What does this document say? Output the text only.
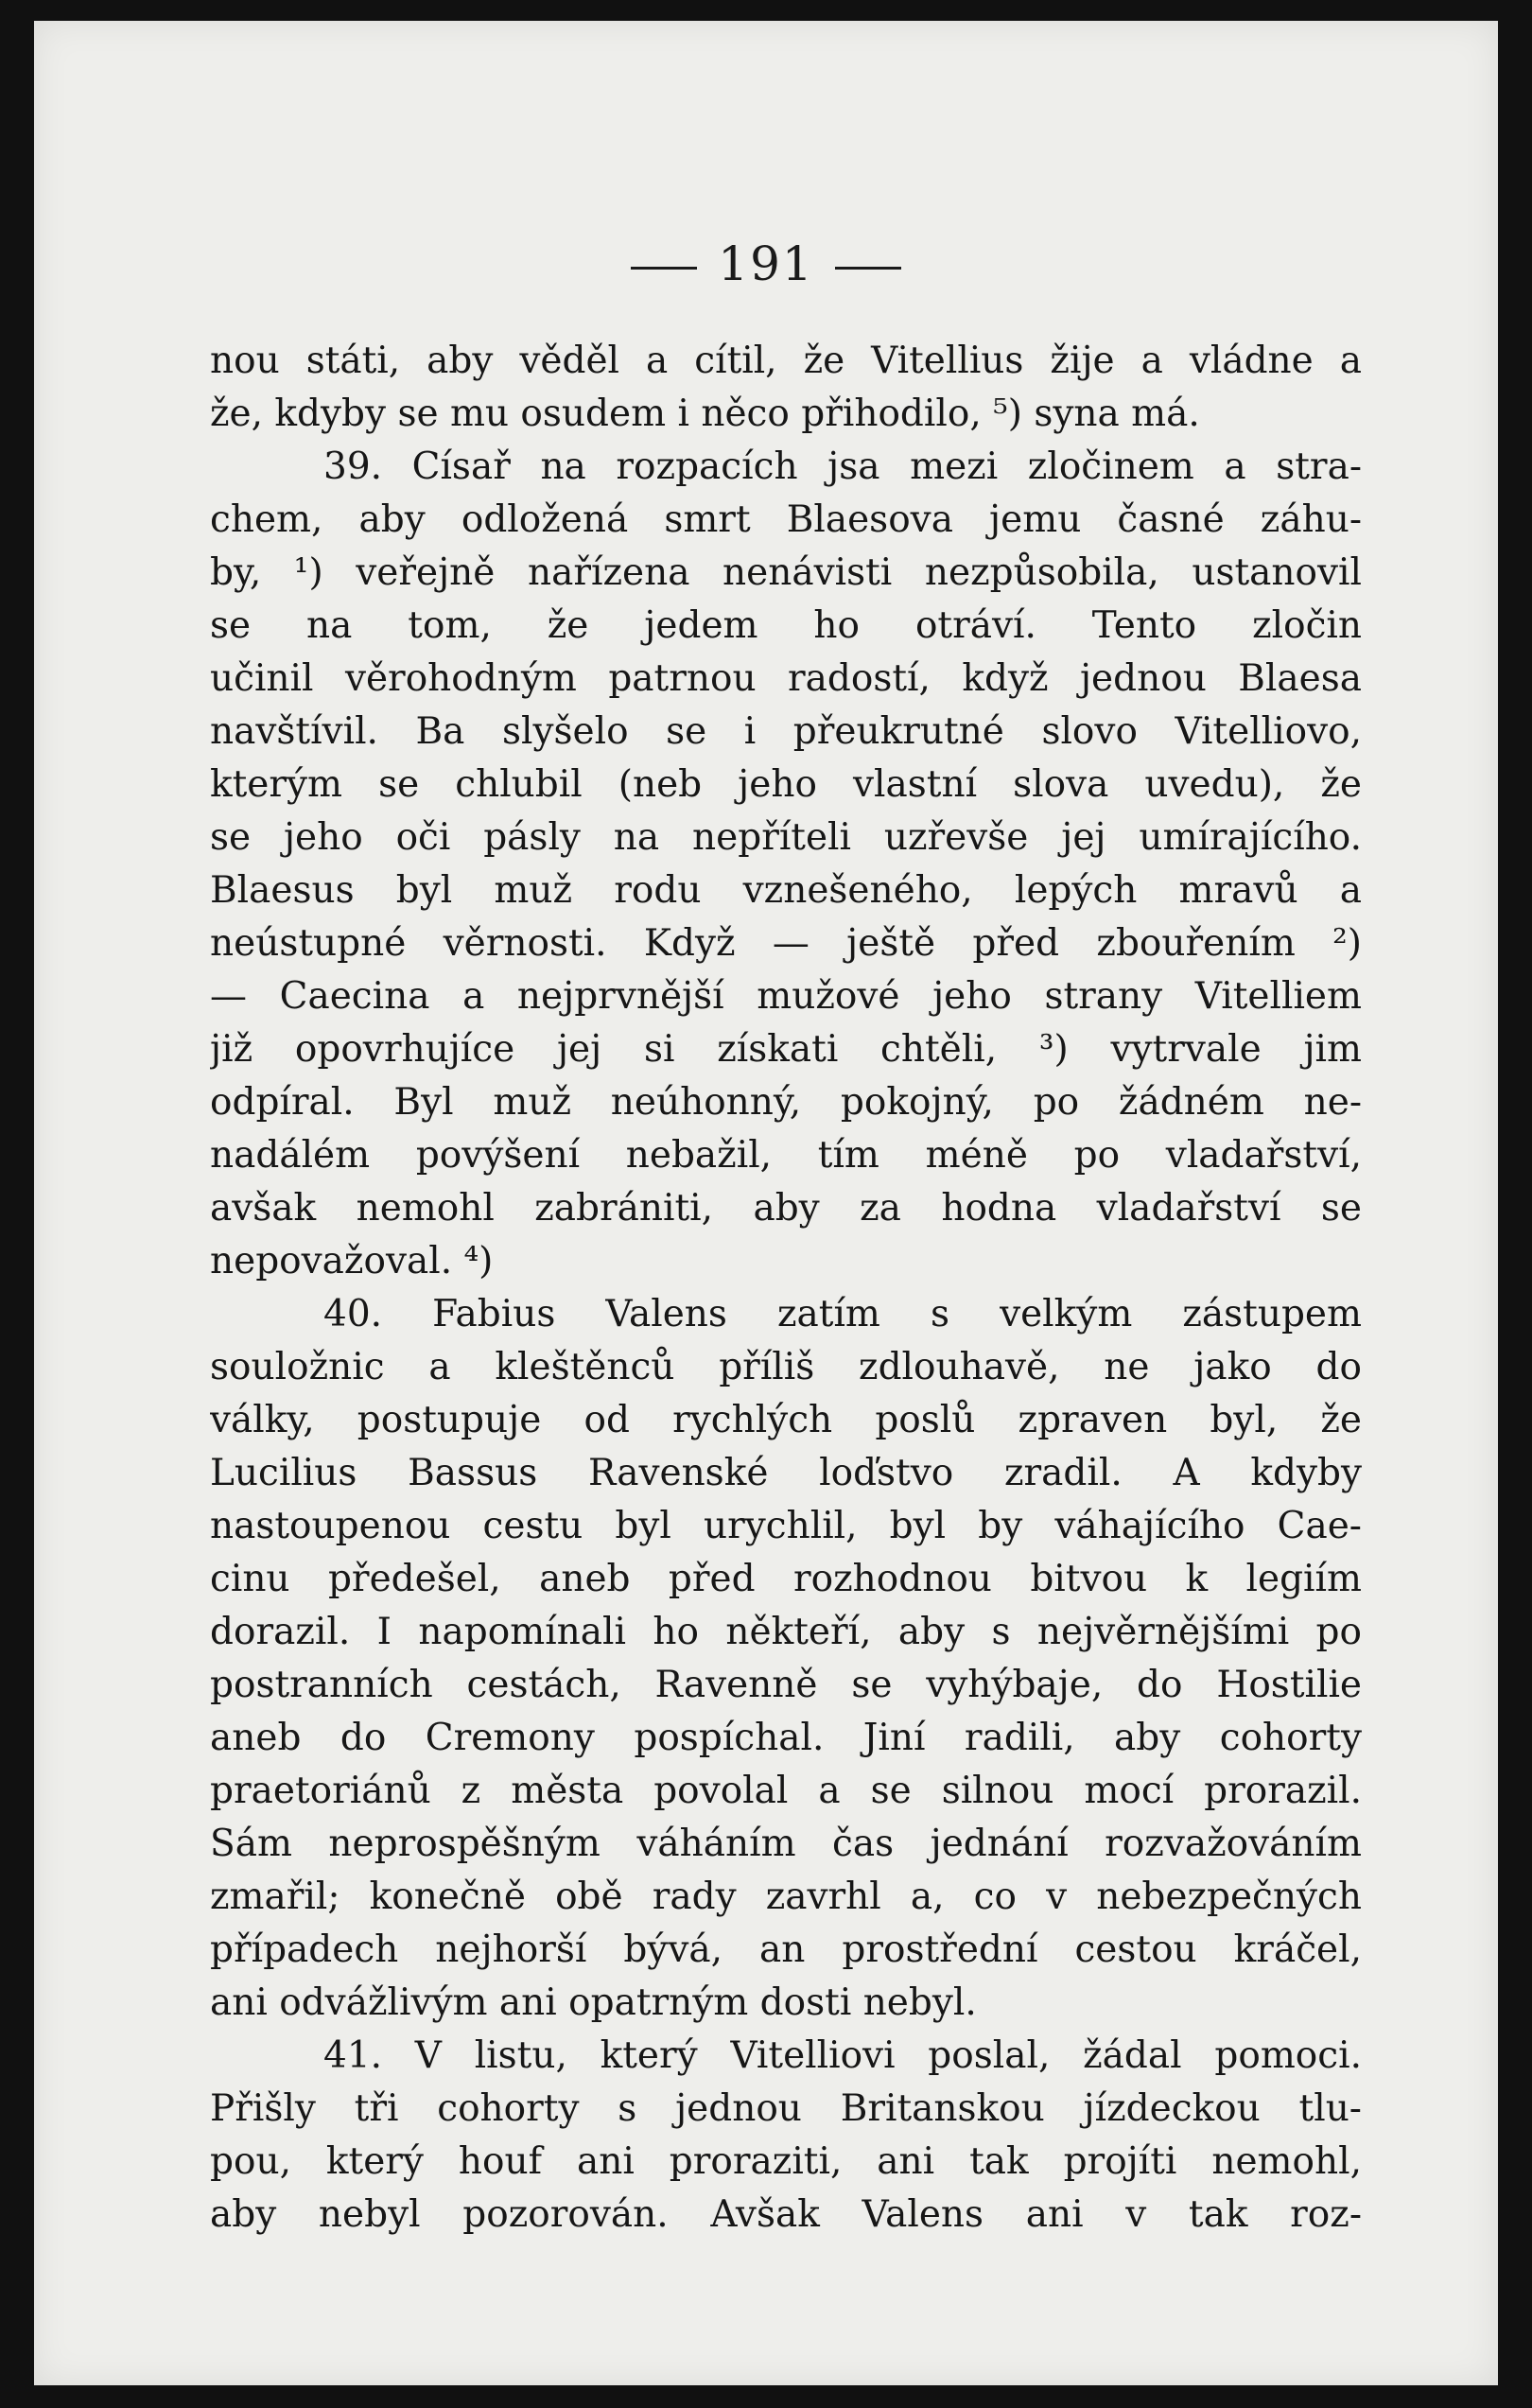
191
nou státi, aby věděl a cítil, že Vitellius žije a vládne a
že, kdyby se mu osudem i něco přihodilo, ⁵) syna má.
39. Císař na rozpacích jsa mezi zločinem a stra-
chem, aby odložená smrt Blaesova jemu časné záhu-
by, ¹) veřejně nařízena nenávisti nezpůsobila, ustanovil
se na tom, že jedem ho otráví. Tento zločin
učinil věrohodným patrnou radostí, když jednou Blaesa
navštívil. Ba slyšelo se i přeukrutné slovo Vitelliovo,
kterým se chlubil (neb jeho vlastní slova uvedu), že
se jeho oči pásly na nepříteli uzřevše jej umírajícího.
Blaesus byl muž rodu vznešeného, lepých mravů a
neústupné věrnosti. Když — ještě před zbouřením ²)
— Caecina a nejprvnější mužové jeho strany Vitelliem
již opovrhujíce jej si získati chtěli, ³) vytrvale jim
odpíral. Byl muž neúhonný, pokojný, po žádném ne-
nadálém povýšení nebažil, tím méně po vladařství,
avšak nemohl zabrániti, aby za hodna vladařství se
nepovažoval. ⁴)
40. Fabius Valens zatím s velkým zástupem
souložnic a kleštěnců příliš zdlouhavě, ne jako do
války, postupuje od rychlých poslů zpraven byl, že
Lucilius Bassus Ravenské loďstvo zradil. A kdyby
nastoupenou cestu byl urychlil, byl by váhajícího Cae-
cinu předešel, aneb před rozhodnou bitvou k legiím
dorazil. I napomínali ho někteří, aby s nejvěrnějšími po
postranních cestách, Ravenně se vyhýbaje, do Hostilie
aneb do Cremony pospíchal. Jiní radili, aby cohorty
praetoriánů z města povolal a se silnou mocí prorazil.
Sám neprospěšným váháním čas jednání rozvažováním
zmařil; konečně obě rady zavrhl a, co v nebezpečných
případech nejhorší bývá, an prostřední cestou kráčel,
ani odvážlivým ani opatrným dosti nebyl.
41. V listu, který Vitelliovi poslal, žádal pomoci.
Přišly tři cohorty s jednou Britanskou jízdeckou tlu-
pou, který houf ani proraziti, ani tak projíti nemohl,
aby nebyl pozorován. Avšak Valens ani v tak roz-
